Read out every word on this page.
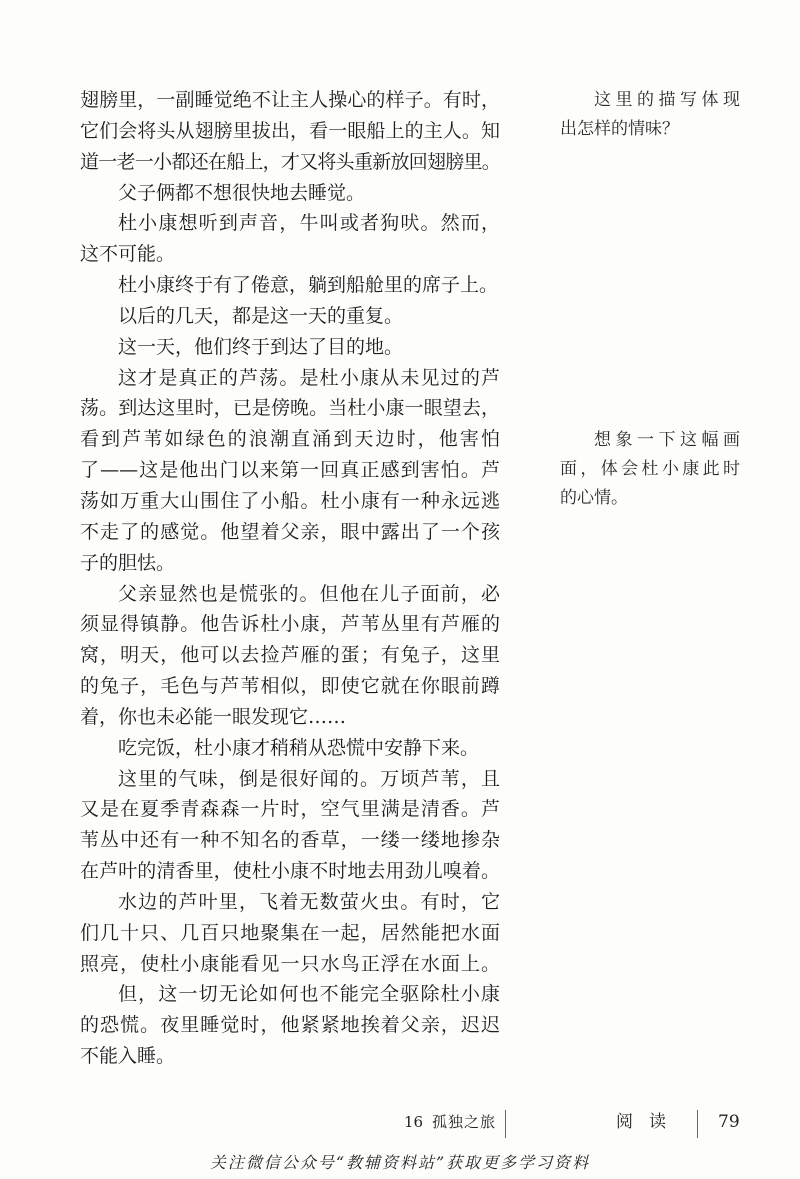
翅膀里，一副睡觉绝不让主人操心的样子。有时，
它们会将头从翅膀里拔出，看一眼船上的主人。知
道一老一小都还在船上，才又将头重新放回翅膀里。
父子俩都不想很快地去睡觉。
杜小康想听到声音，牛叫或者狗吠。然而，
这不可能。
杜小康终于有了倦意，躺到船舱里的席子上。
以后的几天，都是这一天的重复。
这一天，他们终于到达了目的地。
这才是真正的芦荡。是杜小康从未见过的芦
荡。到达这里时，已是傍晚。当杜小康一眼望去，
看到芦苇如绿色的浪潮直涌到天边时，他害怕
了——这是他出门以来第一回真正感到害怕。芦
荡如万重大山围住了小船。杜小康有一种永远逃
不走了的感觉。他望着父亲，眼中露出了一个孩
子的胆怯。
父亲显然也是慌张的。但他在儿子面前，必
须显得镇静。他告诉杜小康，芦苇丛里有芦雁的
窝，明天，他可以去捡芦雁的蛋；有兔子，这里
的兔子，毛色与芦苇相似，即使它就在你眼前蹲
着，你也未必能一眼发现它……
吃完饭，杜小康才稍稍从恐慌中安静下来。
这里的气味，倒是很好闻的。万顷芦苇，且
又是在夏季青森森一片时，空气里满是清香。芦
苇丛中还有一种不知名的香草，一缕一缕地掺杂
在芦叶的清香里，使杜小康不时地去用劲儿嗅着。
水边的芦叶里，飞着无数萤火虫。有时，它
们几十只、几百只地聚集在一起，居然能把水面
照亮，使杜小康能看见一只水鸟正浮在水面上。
但，这一切无论如何也不能完全驱除杜小康
的恐慌。夜里睡觉时，他紧紧地挨着父亲，迟迟
不能入睡。
这里的描写体现
出怎样的情味？
想象一下这幅画
面，体会杜小康此时
的心情。
16 孤独之旅	阅读 79
关注微信公众号“教辅资料站”获取更多学习资料
